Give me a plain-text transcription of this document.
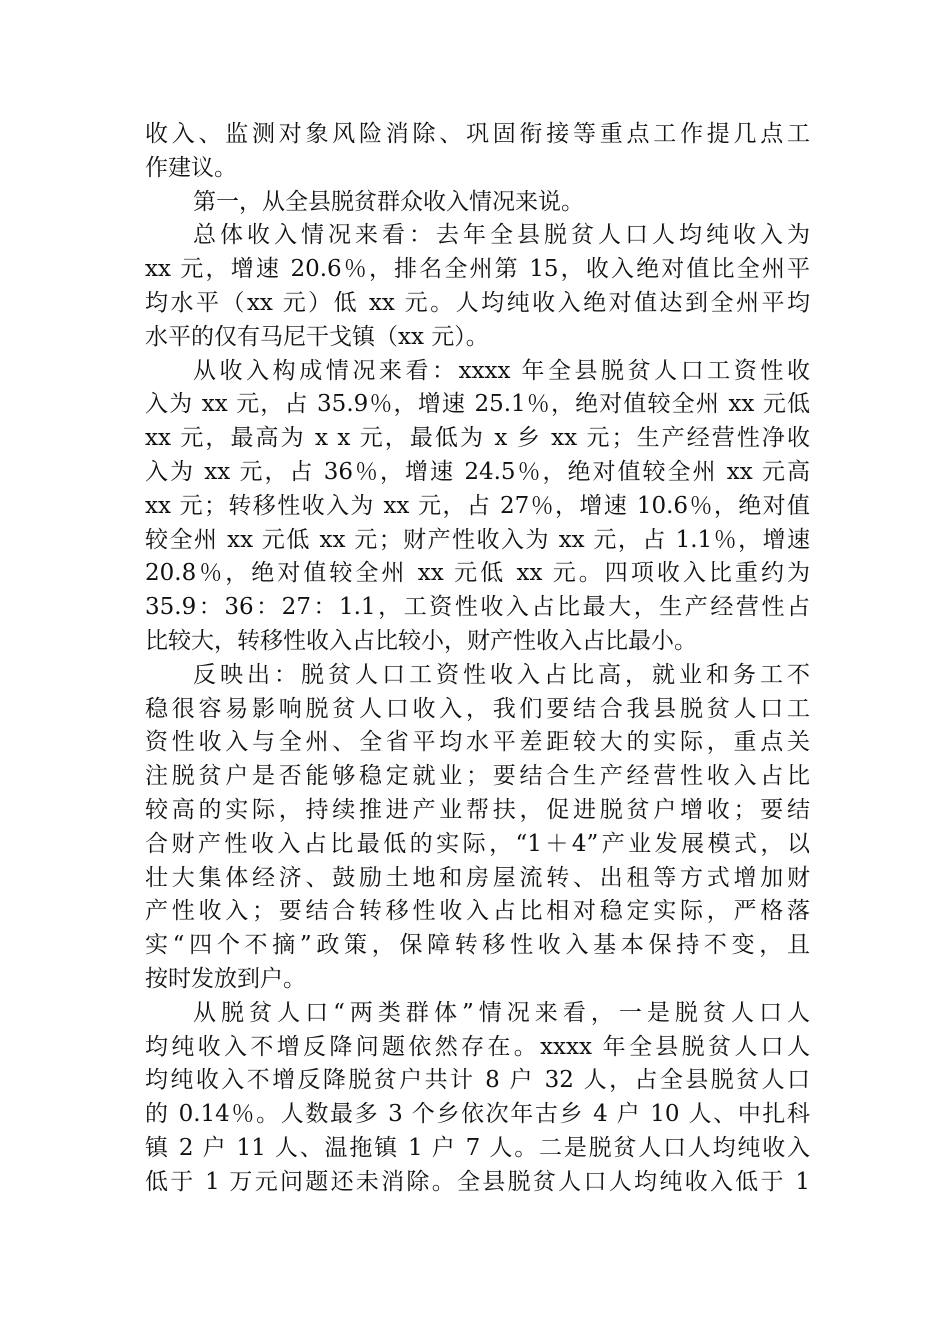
收入、监测对象风险消除、巩固衔接等重点工作提几点工
作建议。
第一，从全县脱贫群众收入情况来说。
总体收入情况来看：去年全县脱贫人口人均纯收入为
xx 元，增速 20.6％，排名全州第 15，收入绝对值比全州平
均水平（xx 元）低 xx 元。人均纯收入绝对值达到全州平均
水平的仅有马尼干戈镇（xx 元）。
从收入构成情况来看：xxxx 年全县脱贫人口工资性收
入为 xx 元，占 35.9％，增速 25.1％，绝对值较全州 xx 元低
xx 元，最高为 x x 元，最低为 x 乡 xx 元；生产经营性净收
入为 xx 元，占 36％，增速 24.5％，绝对值较全州 xx 元高
xx 元；转移性收入为 xx 元，占 27％，增速 10.6％，绝对值
较全州 xx 元低 xx 元；财产性收入为 xx 元，占 1.1％，增速
20.8％，绝对值较全州 xx 元低 xx 元。四项收入比重约为
35.9：36：27：1.1，工资性收入占比最大，生产经营性占
比较大，转移性收入占比较小，财产性收入占比最小。
反映出：脱贫人口工资性收入占比高，就业和务工不
稳很容易影响脱贫人口收入，我们要结合我县脱贫人口工
资性收入与全州、全省平均水平差距较大的实际，重点关
注脱贫户是否能够稳定就业；要结合生产经营性收入占比
较高的实际，持续推进产业帮扶，促进脱贫户增收；要结
合财产性收入占比最低的实际，“1＋4”产业发展模式，以
壮大集体经济、鼓励土地和房屋流转、出租等方式增加财
产性收入；要结合转移性收入占比相对稳定实际，严格落
实“四个不摘”政策，保障转移性收入基本保持不变，且
按时发放到户。
从脱贫人口“两类群体”情况来看，一是脱贫人口人
均纯收入不增反降问题依然存在。xxxx 年全县脱贫人口人
均纯收入不增反降脱贫户共计 8 户 32 人，占全县脱贫人口
的 0.14％。人数最多 3 个乡依次年古乡 4 户 10 人、中扎科
镇 2 户 11 人、温拖镇 1 户 7 人。二是脱贫人口人均纯收入
低于 1 万元问题还未消除。全县脱贫人口人均纯收入低于 1
